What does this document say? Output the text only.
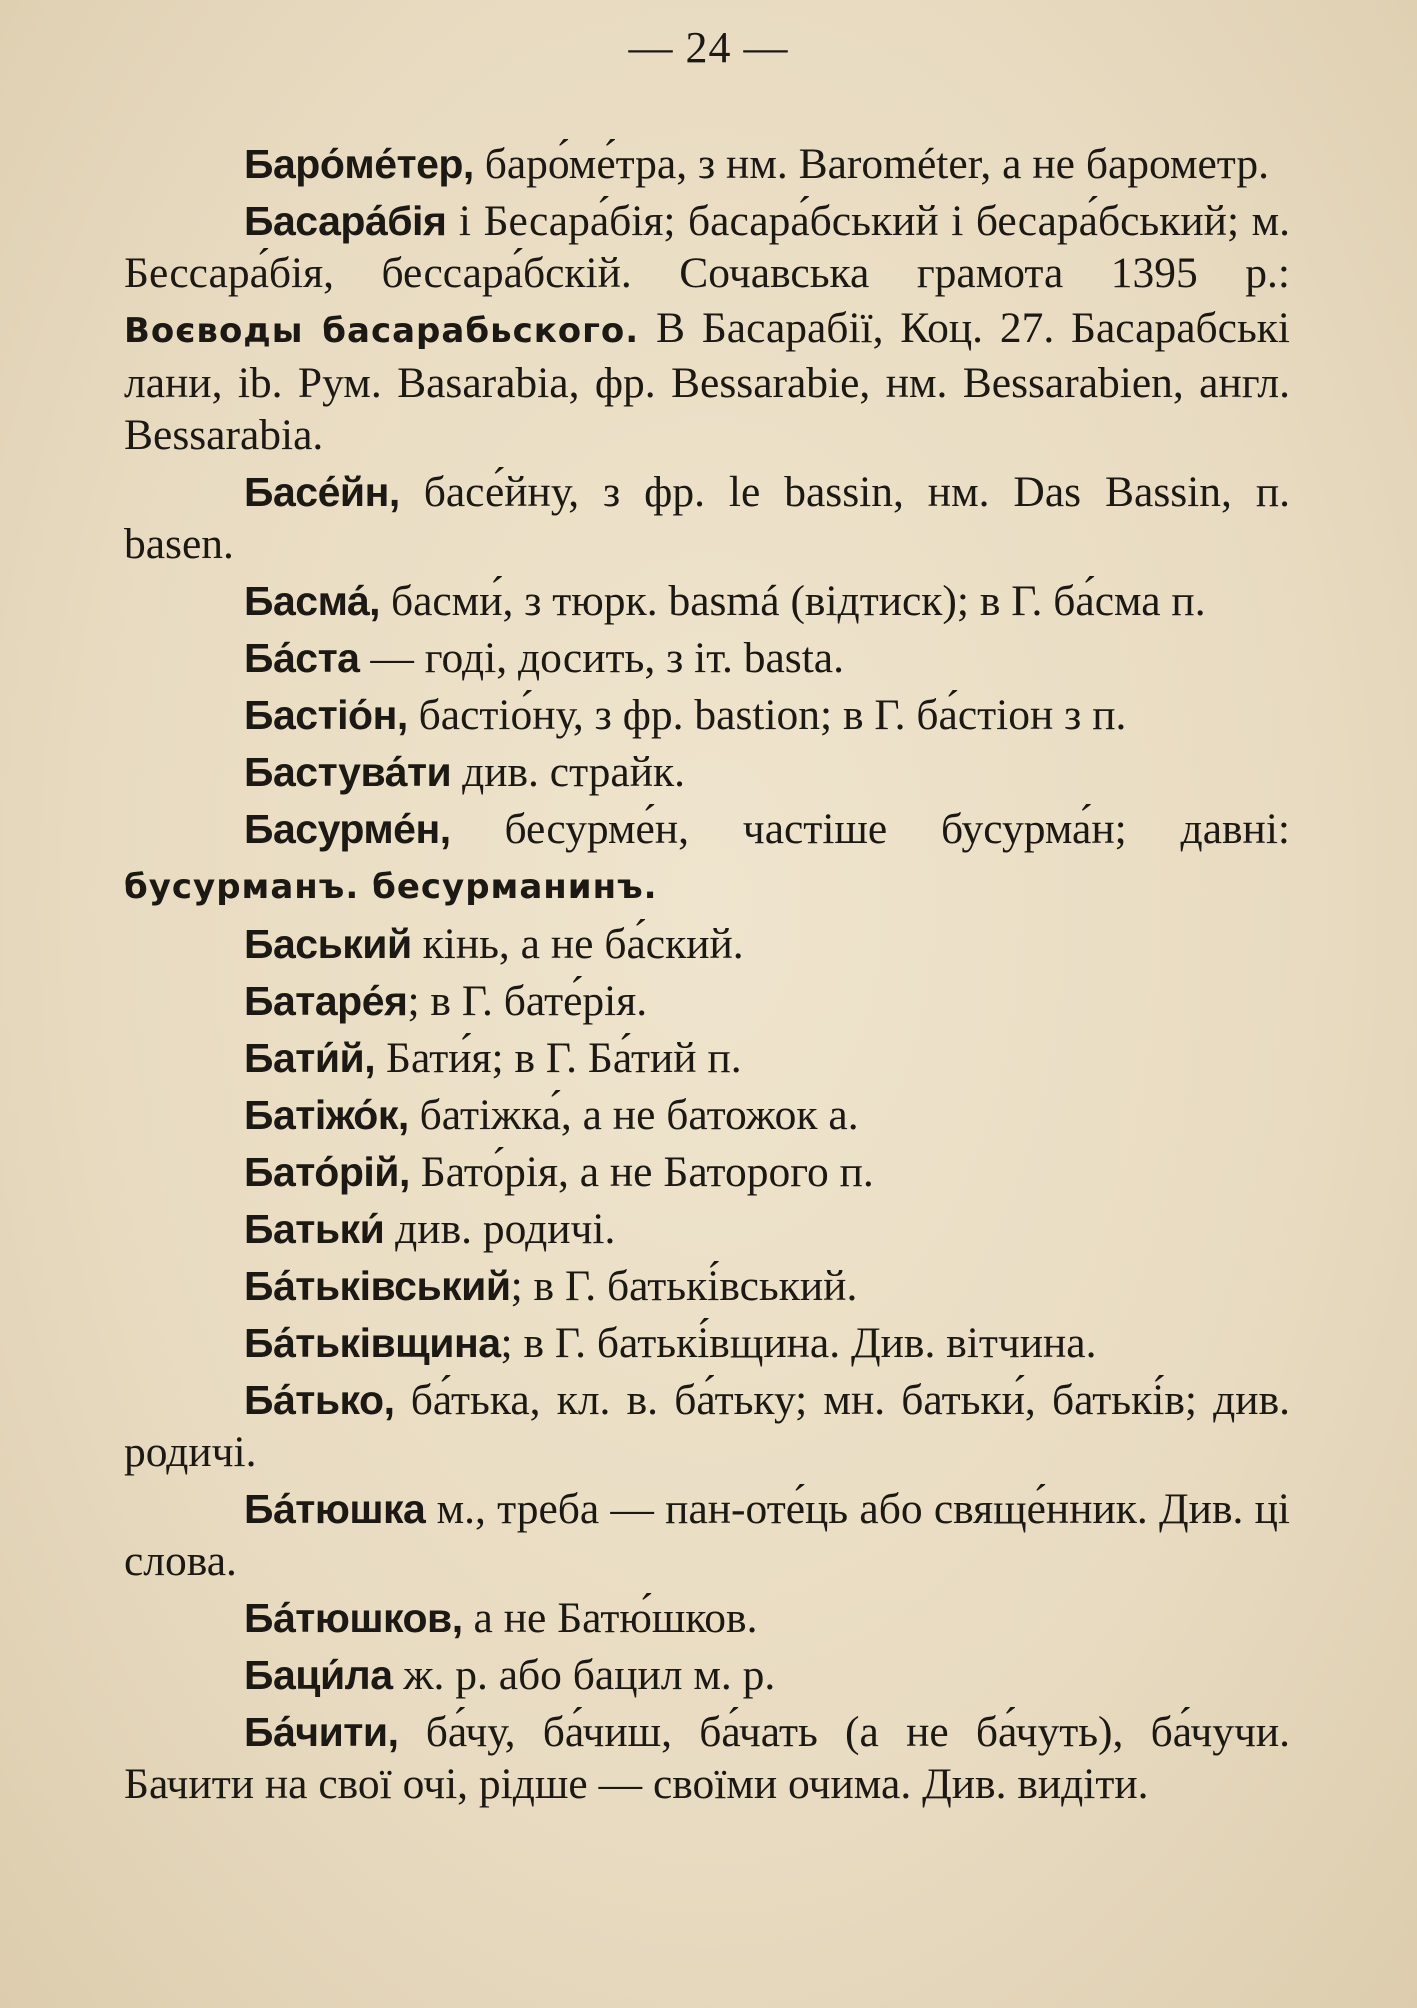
— 24 —

Баро́ме́тер, баро́ме́тра, з нм. Barométer, а не барометр.

Басара́бія і Бесара́бія; басара́бський і бесара́бський; м. Бессара́бія, бессара́бскій. Сочавська грамота 1395 р.: Воєводы басарабьского. В Басарабії, Коц. 27. Басарабські лани, ib. Рум. Basarabia, фр. Bessarabie, нм. Bessarabien, англ. Bessarabia.

Басе́йн, басе́йну, з фр. le bassin, нм. Das Bassin, п. basen.

Басма́, басми́, з тюрк. basmá (відтиск); в Г. ба́сма п.

Ба́ста — годі, досить, з іт. basta.

Бастіо́н, бастіо́ну, з фр. bastion; в Г. ба́стіон з п.

Бастува́ти див. страйк.

Басурме́н, бесурме́н, частіше бусурма́н; давні: бусурманъ. бесурманинъ.

Баський кінь, а не ба́ский.

Батаре́я; в Г. бате́рія.

Бати́й, Бати́я; в Г. Ба́тий п.

Батіжо́к, батіжка́, а не батожок а.

Бато́рій, Бато́рія, а не Баторого п.

Батьки́ див. родичі.

Ба́тьківський; в Г. батькі́вський.

Ба́тьківщина; в Г. батькі́вщина. Див. вітчина.

Ба́тько, ба́тька, кл. в. ба́тьку; мн. батьки́, батькі́в; див. родичі.

Ба́тюшка м., треба — пан-оте́ць або свяще́нник. Див. ці слова.

Ба́тюшков, а не Батю́шков.

Баци́ла ж. р. або бацил м. р.

Ба́чити, ба́чу, ба́чиш, ба́чать (а не ба́чуть), ба́чучи. Бачити на свої очі, рідше — своїми очима. Див. видіти.
